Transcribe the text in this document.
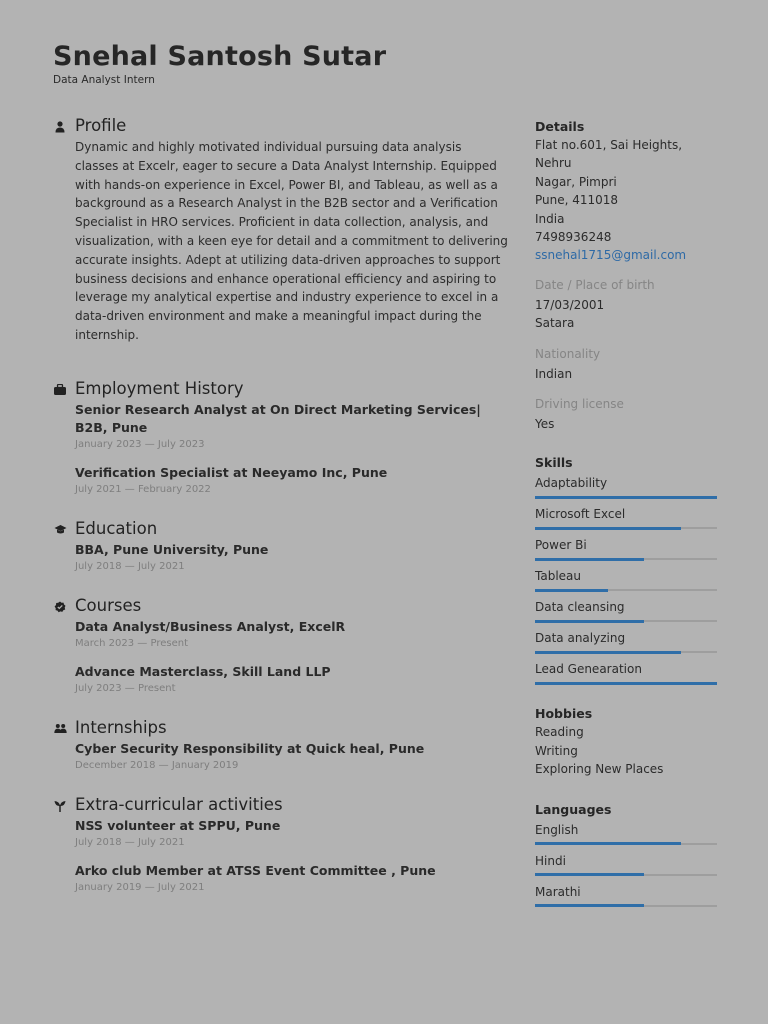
Snehal Santosh Sutar
Data Analyst Intern
Profile
Dynamic and highly motivated individual pursuing data analysis classes at Excelr, eager to secure a Data Analyst Internship. Equipped with hands-on experience in Excel, Power BI, and Tableau, as well as a background as a Research Analyst in the B2B sector and a Verification Specialist in HRO services. Proficient in data collection, analysis, and visualization, with a keen eye for detail and a commitment to delivering accurate insights. Adept at utilizing data-driven approaches to support business decisions and enhance operational efficiency and aspiring to leverage my analytical expertise and industry experience to excel in a data-driven environment and make a meaningful impact during the internship.
Employment History
Senior Research Analyst at On Direct Marketing Services| B2B, Pune
January 2023 — July 2023
Verification Specialist at Neeyamo Inc, Pune
July 2021 — February 2022
Education
BBA, Pune University, Pune
July 2018 — July 2021
Courses
Data Analyst/Business Analyst, ExcelR
March 2023 — Present
Advance Masterclass, Skill Land LLP
July 2023 — Present
Internships
Cyber Security Responsibility at Quick heal, Pune
December 2018 — January 2019
Extra-curricular activities
NSS volunteer at SPPU, Pune
July 2018 — July 2021
Arko club Member at ATSS Event Committee , Pune
January 2019 — July 2021
Details
Flat no.601, Sai Heights, Nehru
Nagar, Pimpri
Pune, 411018
India
7498936248
ssnehal1715@gmail.com
Date / Place of birth
17/03/2001
Satara
Nationality
Indian
Driving license
Yes
Skills
Adaptability
Microsoft Excel
Power Bi
Tableau
Data cleansing
Data analyzing
Lead Genearation
Hobbies
Reading
Writing
Exploring New Places
Languages
English
Hindi
Marathi
